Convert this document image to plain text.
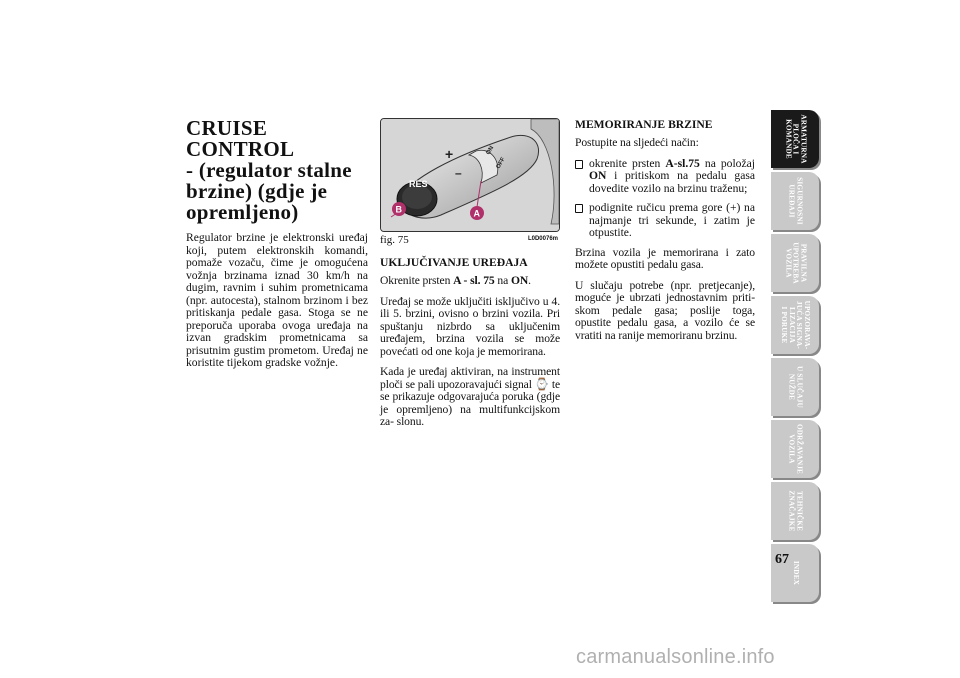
CRUISE CONTROL
- (regulator stalne
brzine) (gdje je
opremljeno)
Regulator brzine je elektronski uređaj
koji, putem elektronskih komandi,
pomaže vozaču, čime je omogućena
vožnja brzinama iznad 30 km/h na
dugim, ravnim i suhim prometnicama
(npr. autocesta), stalnom brzinom i bez
pritiskanja pedale gasa. Stoga se ne
preporuča uporaba ovoga uređaja na
izvan gradskim prometnicama sa
prisutnim gustim prometom. Uređaj ne
koristite tijekom gradske vožnje.
RES
+
–
ON
OFF
B	A
fig. 75	L0D0076m
UKLJUČIVANJE UREĐAJA

Okrenite prsten A - sl. 75 na ON.

Uređaj se može uključiti isključivo u 4. ili 5. brzini, ovisno o brzini vozila. Pri spuštanju nizbrdo sa uključenim uređajem, brzina vozila se može povećati od one koja je memorirana.

Kada je uređaj aktiviran, na instrument ploči se pali upozoravajući signal ⌚ te se prikazuje odgovarajuća poruka (gdje je opremljeno) na multifunkcijskom za- slonu.

MEMORIRANJE BRZINE

Postupite na sljedeći način:

okrenite prsten A-sl.75 na položaj ON i pritiskom na pedalu gasa dovedite vozilo na brzinu traženu;
podignite ručicu prema gore (+) na najmanje tri sekunde, i zatim je otpustite.

Brzina vozila je memorirana i zato možete opustiti pedalu gasa.

U slučaju potrebe (npr. pretjecanje), moguće je ubrzati jednostavnim priti- skom pedale gasa; poslije toga, opustite pedalu gasa, a vozilo će se vratiti na ranije memoriranu brzinu.

ARMATURNA
PLOČA I
KOMANDE
SIGURNOSNI
UREĐAJI
PRAVILNA
UPOTREBA
VOZILA
UPOZORAVA-
JUĆA SIGNA-
LIZACIJA
I PORUKE
U SLUČAJU
NUŽDE
ODRŽAVANJE
VOZILA
TEHNIČKE
ZNAČAJKE
INDEX
67
carmanualsonline.info
